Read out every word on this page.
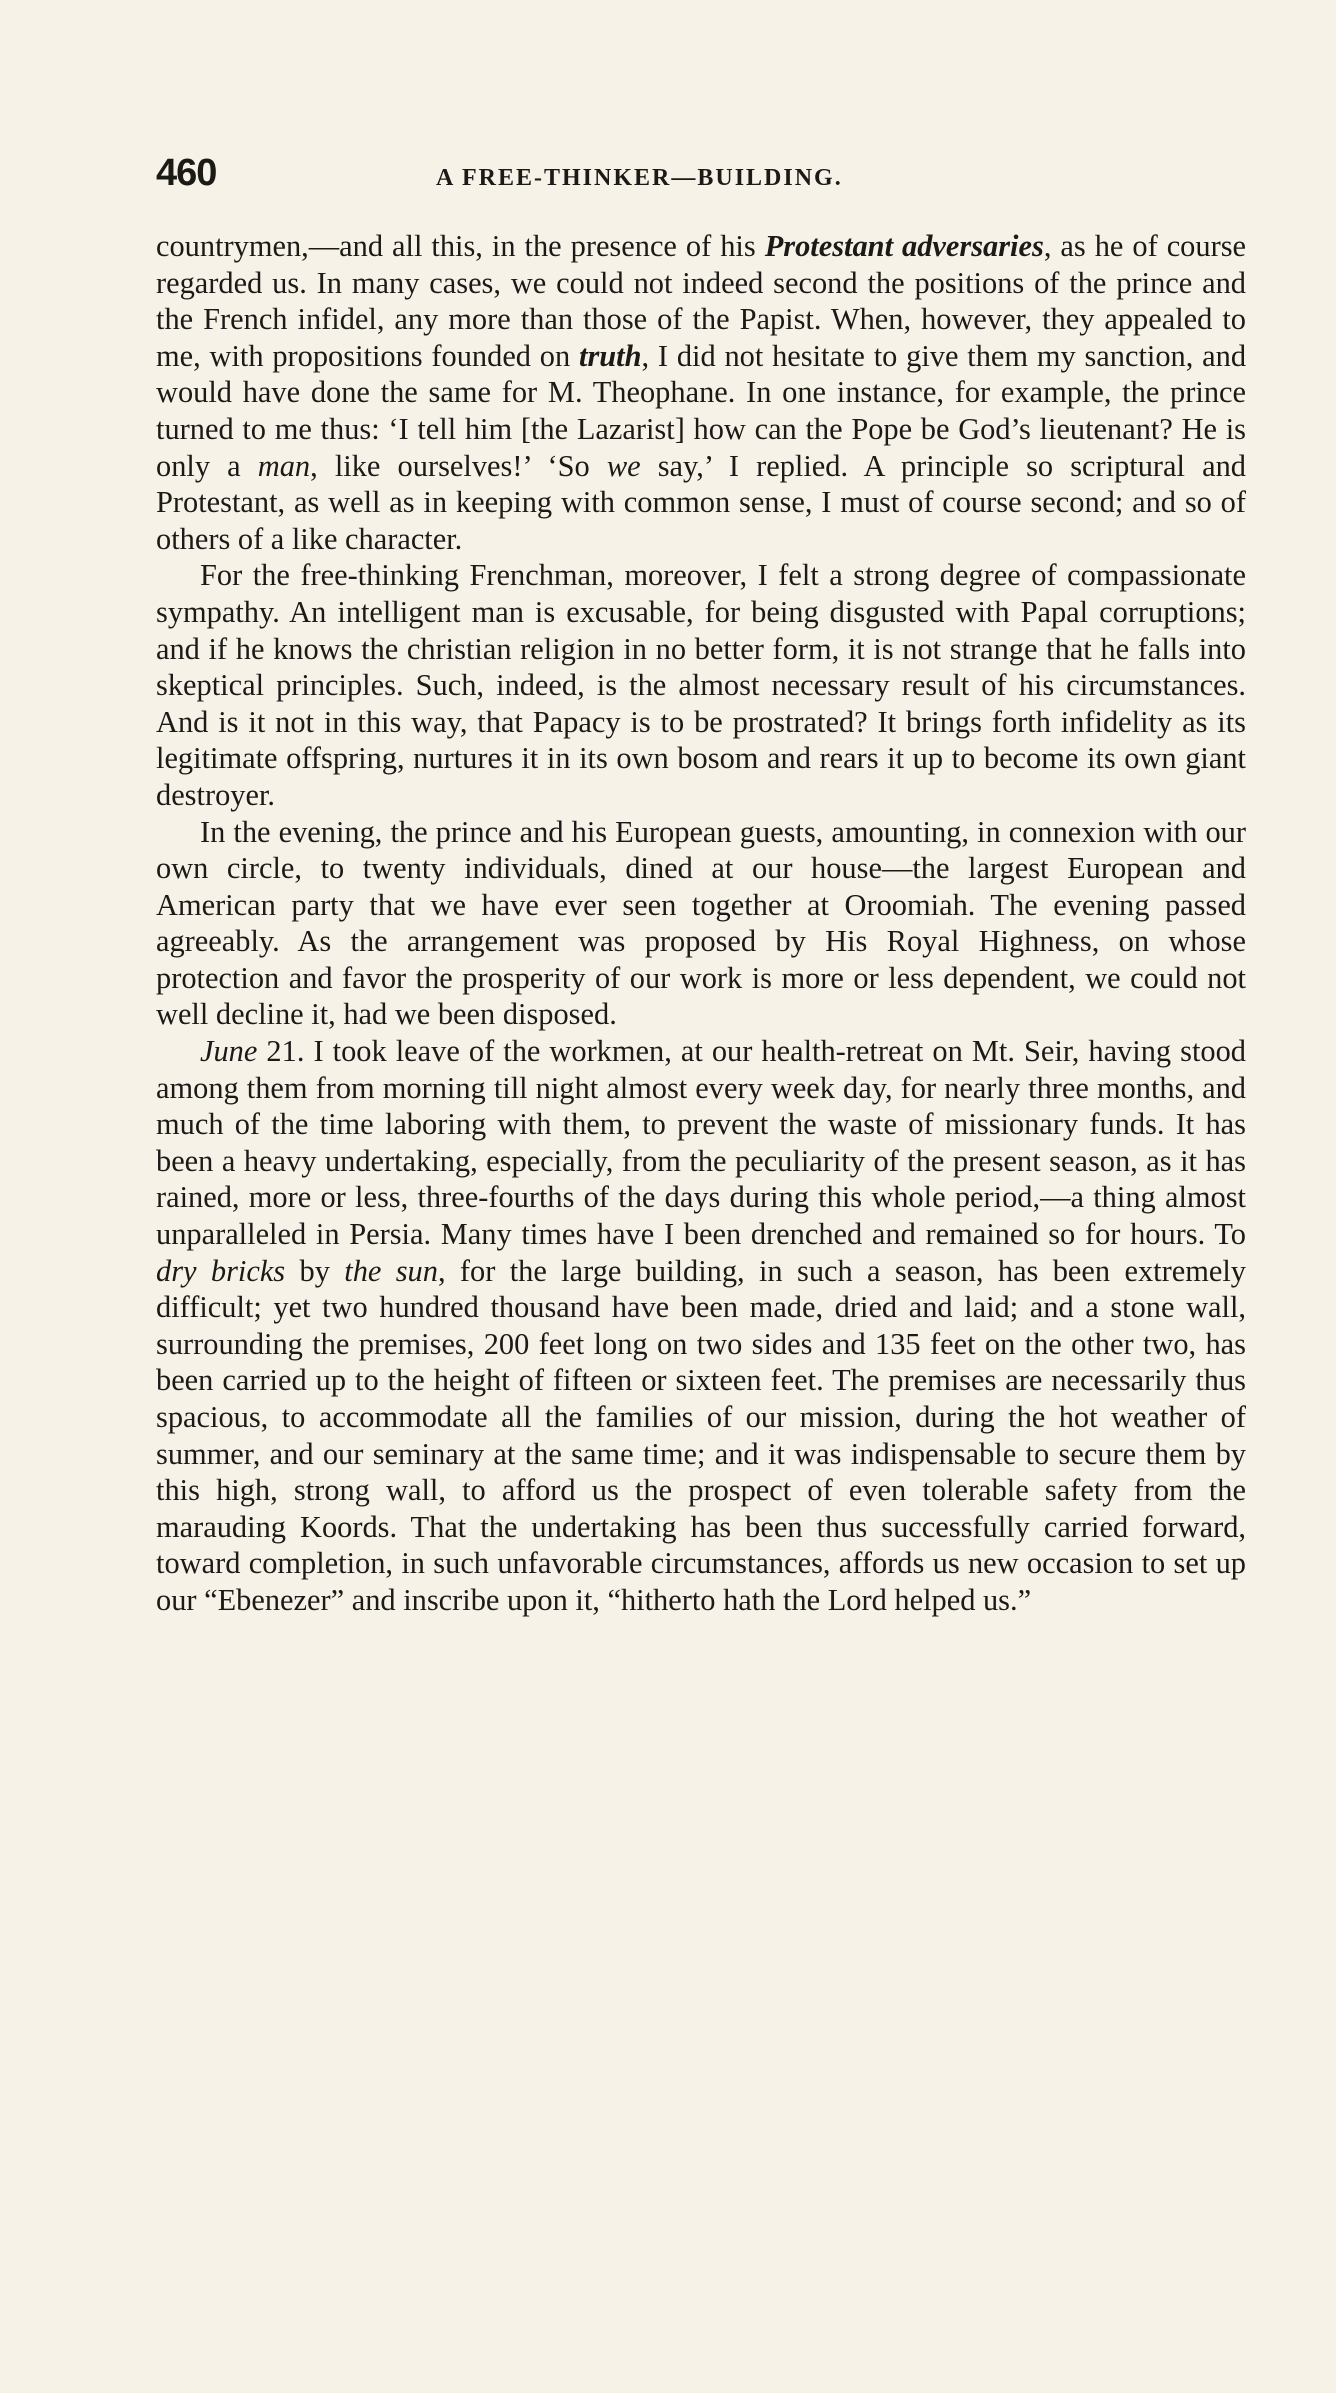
460	A FREE-THINKER—BUILDING.

countrymen,—and all this, in the presence of his Protestant adversaries, as he of course regarded us. In many cases, we could not indeed second the positions of the prince and the French infidel, any more than those of the Papist. When, however, they appealed to me, with propositions founded on truth, I did not hesitate to give them my sanction, and would have done the same for M. Theophane. In one instance, for example, the prince turned to me thus: ‘I tell him [the Lazarist] how can the Pope be God’s lieutenant? He is only a man, like ourselves!’ ‘So we say,’ I replied. A principle so scriptural and Protestant, as well as in keeping with common sense, I must of course second; and so of others of a like character.

For the free-thinking Frenchman, moreover, I felt a strong degree of compassionate sympathy. An intelligent man is excusable, for being disgusted with Papal corruptions; and if he knows the christian religion in no better form, it is not strange that he falls into skeptical principles. Such, indeed, is the almost necessary result of his circumstances. And is it not in this way, that Papacy is to be prostrated? It brings forth infidelity as its legitimate offspring, nurtures it in its own bosom and rears it up to become its own giant destroyer.

In the evening, the prince and his European guests, amounting, in connexion with our own circle, to twenty individuals, dined at our house—the largest European and American party that we have ever seen together at Oroomiah. The evening passed agreeably. As the arrangement was proposed by His Royal Highness, on whose protection and favor the prosperity of our work is more or less dependent, we could not well decline it, had we been disposed.

June 21. I took leave of the workmen, at our health-retreat on Mt. Seir, having stood among them from morning till night almost every week day, for nearly three months, and much of the time laboring with them, to prevent the waste of missionary funds. It has been a heavy undertaking, especially, from the peculiarity of the present season, as it has rained, more or less, three-fourths of the days during this whole period,—a thing almost unparalleled in Persia. Many times have I been drenched and remained so for hours. To dry bricks by the sun, for the large building, in such a season, has been extremely difficult; yet two hundred thousand have been made, dried and laid; and a stone wall, surrounding the premises, 200 feet long on two sides and 135 feet on the other two, has been carried up to the height of fifteen or sixteen feet. The premises are necessarily thus spacious, to accommodate all the families of our mission, during the hot weather of summer, and our seminary at the same time; and it was indispensable to secure them by this high, strong wall, to afford us the prospect of even tolerable safety from the marauding Koords. That the undertaking has been thus successfully carried forward, toward completion, in such unfavorable circumstances, affords us new occasion to set up our “Ebenezer” and inscribe upon it, “hitherto hath the Lord helped us.”
